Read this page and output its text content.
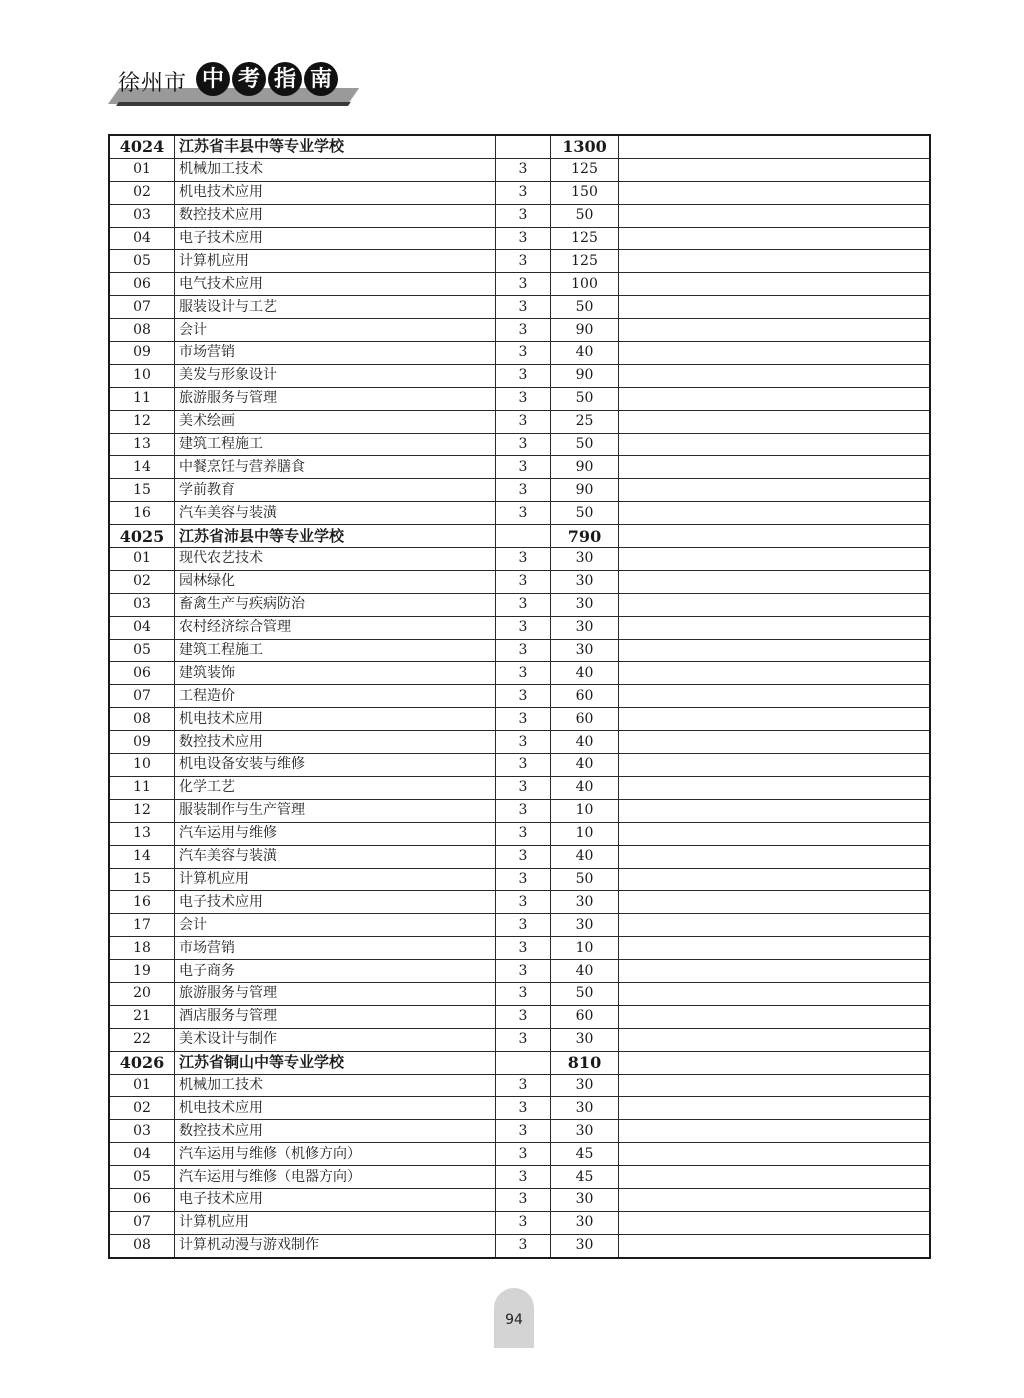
徐州市 中 考 指 南
4024	江苏省丰县中等专业学校		1300	
01	机械加工技术	3	125	
02	机电技术应用	3	150	
03	数控技术应用	3	50	
04	电子技术应用	3	125	
05	计算机应用	3	125	
06	电气技术应用	3	100	
07	服装设计与工艺	3	50	
08	会计	3	90	
09	市场营销	3	40	
10	美发与形象设计	3	90	
11	旅游服务与管理	3	50	
12	美术绘画	3	25	
13	建筑工程施工	3	50	
14	中餐烹饪与营养膳食	3	90	
15	学前教育	3	90	
16	汽车美容与装潢	3	50	
4025	江苏省沛县中等专业学校		790	
01	现代农艺技术	3	30	
02	园林绿化	3	30	
03	畜禽生产与疾病防治	3	30	
04	农村经济综合管理	3	30	
05	建筑工程施工	3	30	
06	建筑装饰	3	40	
07	工程造价	3	60	
08	机电技术应用	3	60	
09	数控技术应用	3	40	
10	机电设备安装与维修	3	40	
11	化学工艺	3	40	
12	服装制作与生产管理	3	10	
13	汽车运用与维修	3	10	
14	汽车美容与装潢	3	40	
15	计算机应用	3	50	
16	电子技术应用	3	30	
17	会计	3	30	
18	市场营销	3	10	
19	电子商务	3	40	
20	旅游服务与管理	3	50	
21	酒店服务与管理	3	60	
22	美术设计与制作	3	30	
4026	江苏省铜山中等专业学校		810	
01	机械加工技术	3	30	
02	机电技术应用	3	30	
03	数控技术应用	3	30	
04	汽车运用与维修（机修方向）	3	45	
05	汽车运用与维修（电器方向）	3	45	
06	电子技术应用	3	30	
07	计算机应用	3	30	
08	计算机动漫与游戏制作	3	30	
94
